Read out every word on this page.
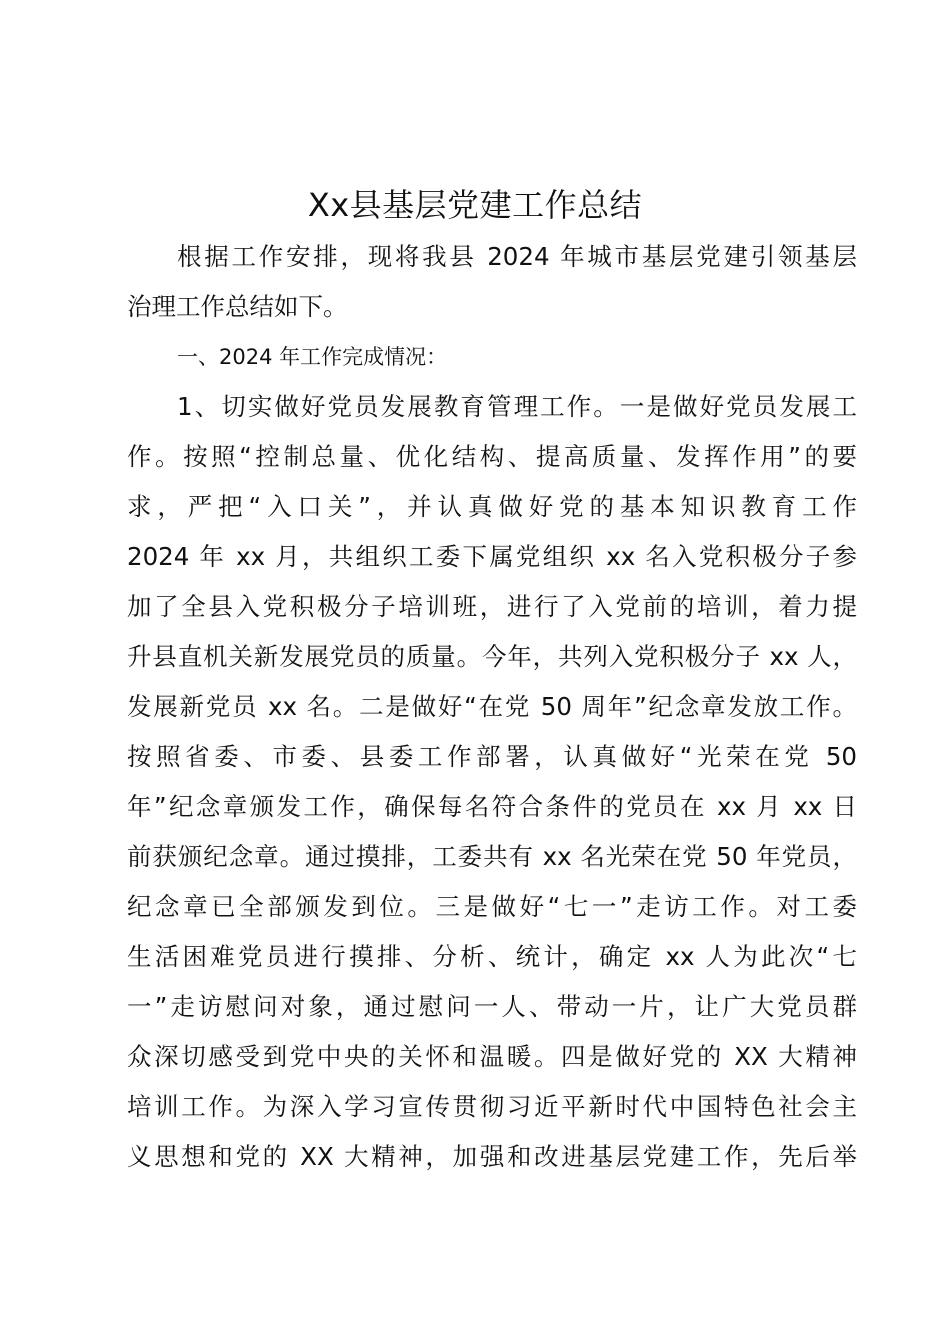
Xx县基层党建工作总结
根据工作安排，现将我县 2024 年城市基层党建引领基层
治理工作总结如下。
一、2024 年工作完成情况：
1、切实做好党员发展教育管理工作。一是做好党员发展工
作。按照“控制总量、优化结构、提高质量、发挥作用”的要
求，严把“入口关”，并认真做好党的基本知识教育工作
2024 年 xx 月，共组织工委下属党组织 xx 名入党积极分子参
加了全县入党积极分子培训班，进行了入党前的培训，着力提
升县直机关新发展党员的质量。今年，共列入党积极分子 xx 人，
发展新党员 xx 名。二是做好“在党 50 周年”纪念章发放工作。
按照省委、市委、县委工作部署，认真做好“光荣在党 50
年”纪念章颁发工作，确保每名符合条件的党员在 xx 月 xx 日
前获颁纪念章。通过摸排，工委共有 xx 名光荣在党 50 年党员，
纪念章已全部颁发到位。三是做好“七一”走访工作。对工委
生活困难党员进行摸排、分析、统计，确定 xx 人为此次“七
一”走访慰问对象，通过慰问一人、带动一片，让广大党员群
众深切感受到党中央的关怀和温暖。四是做好党的 XX 大精神
培训工作。为深入学习宣传贯彻习近平新时代中国特色社会主
义思想和党的 XX 大精神，加强和改进基层党建工作，先后举
